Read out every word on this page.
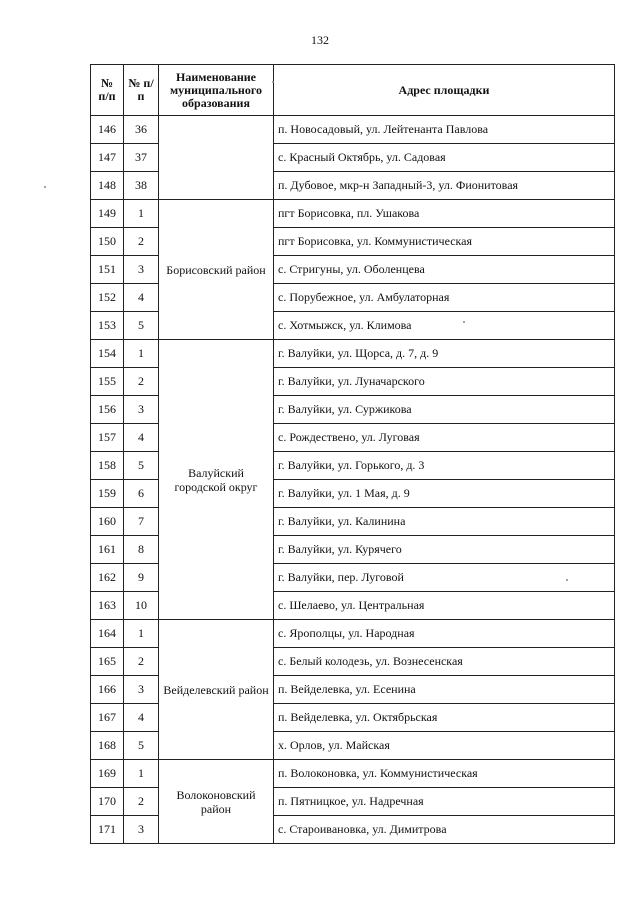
132
№ п/п	№ п/п	Наименование муниципального образования	Адрес площадки
146	36		п. Новосадовый, ул. Лейтенанта Павлова
147	37		с. Красный Октябрь, ул. Садовая
148	38		п. Дубовое, мкр-н Западный-3, ул. Фионитовая
149	1	Борисовский район	пгт Борисовка, пл. Ушакова
150	2		пгт Борисовка, ул. Коммунистическая
151	3		с. Стригуны, ул. Оболенцева
152	4		с. Порубежное, ул. Амбулаторная
153	5		с. Хотмыжск, ул. Климова
154	1	Валуйский городской округ	г. Валуйки, ул. Щорса, д. 7, д. 9
155	2		г. Валуйки, ул. Луначарского
156	3		г. Валуйки, ул. Суржикова
157	4		с. Рождествено, ул. Луговая
158	5		г. Валуйки, ул. Горького, д. 3
159	6		г. Валуйки, ул. 1 Мая, д. 9
160	7		г. Валуйки, ул. Калинина
161	8		г. Валуйки, ул. Курячего
162	9		г. Валуйки, пер. Луговой
163	10		с. Шелаево, ул. Центральная
164	1	Вейделевский район	с. Ярополцы, ул. Народная
165	2		с. Белый колодезь, ул. Вознесенская
166	3		п. Вейделевка, ул. Есенина
167	4		п. Вейделевка, ул. Октябрьская
168	5		х. Орлов, ул. Майская
169	1	Волоконовский район	п. Волоконовка, ул. Коммунистическая
170	2		п. Пятницкое, ул. Надречная
171	3		с. Староивановка, ул. Димитрова
